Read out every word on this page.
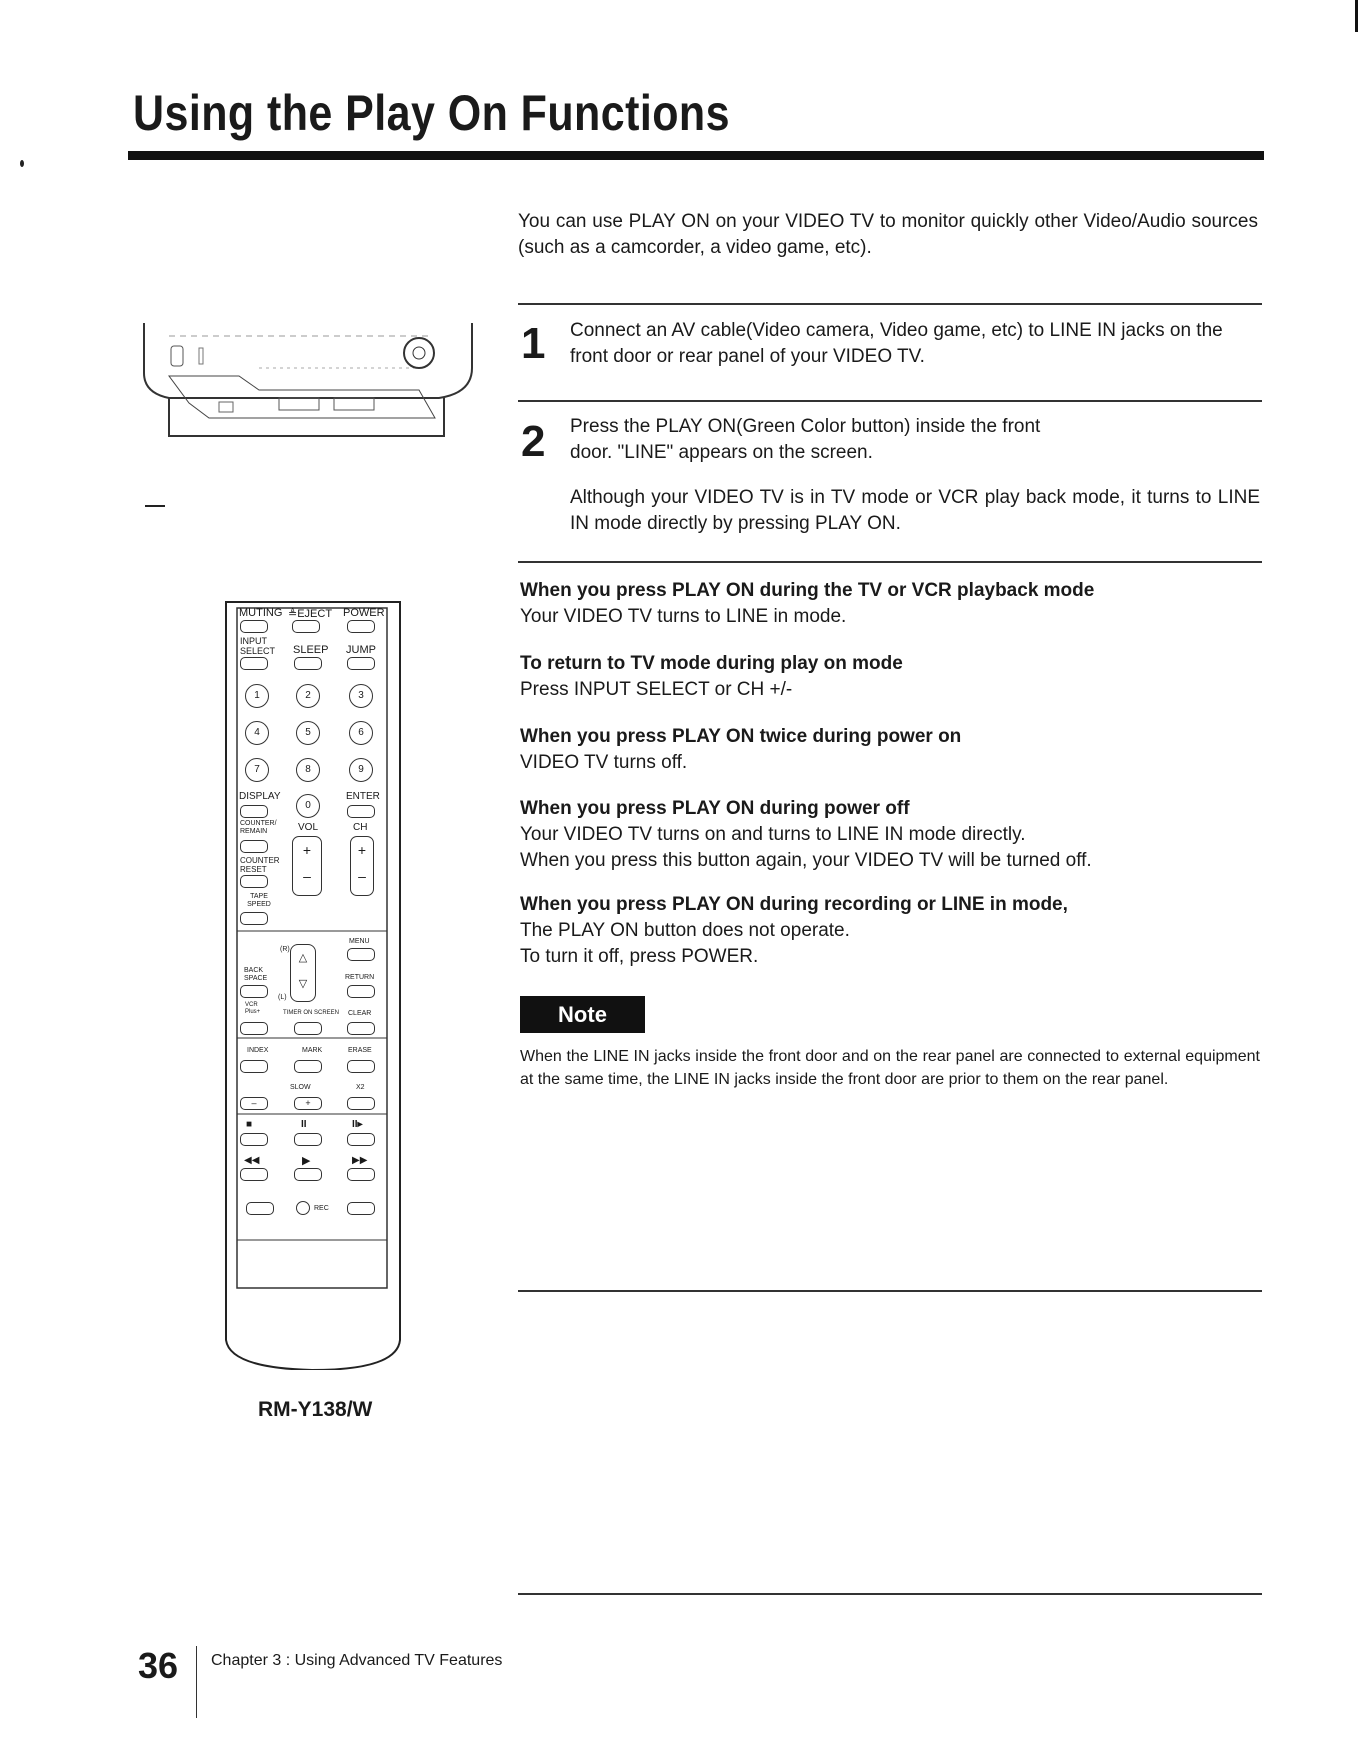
Using the Play On Functions

You can use PLAY ON on your VIDEO TV to monitor quickly other Video/Audio sources (such as a camcorder, a video game, etc).

1 Connect an AV cable(Video camera, Video game, etc) to LINE IN jacks on the front door or rear panel of your VIDEO TV.

2 Press the PLAY ON(Green Color button) inside the front door. "LINE" appears on the screen.

Although your VIDEO TV is in TV mode or VCR play back mode, it turns to LINE IN mode directly by pressing PLAY ON.

When you press PLAY ON during the TV or VCR playback mode

Your VIDEO TV turns to LINE in mode.

To return to TV mode during play on mode

Press INPUT SELECT or CH +/-

When you press PLAY ON twice during power on

VIDEO TV turns off.

When you press PLAY ON during power off

Your VIDEO TV turns on and turns to LINE IN mode directly.

When you press this button again, your VIDEO TV will be turned off.

When you press PLAY ON during recording or LINE in mode,

The PLAY ON button does not operate.

To turn it off, press POWER.

Note

When the LINE IN jacks inside the front door and on the rear panel are connected to external equipment at the same time, the LINE IN jacks inside the front door are prior to them on the rear panel.

MUTING ≜EJECT POWER
INPUT SELECT	SLEEP JUMP
DISPLAY	ENTER
COUNTER/ REMAIN	VOL	CH
COUNTER RESET
TAPE SPEED
MENU
(R)
BACK SPACE	RETURN
(L)
VCR Plus+	TIMER ON SCREEN CLEAR
INDEX	MARK	ERASE
SLOW	X2
REC
1	2	3
4	5	6
7	8	9
0
+
–
+
–
△
▽
–	+
■	II	II▸
◀◀	▶	▶▶
RM-Y138/W
36 Chapter 3 : Using Advanced TV Features
